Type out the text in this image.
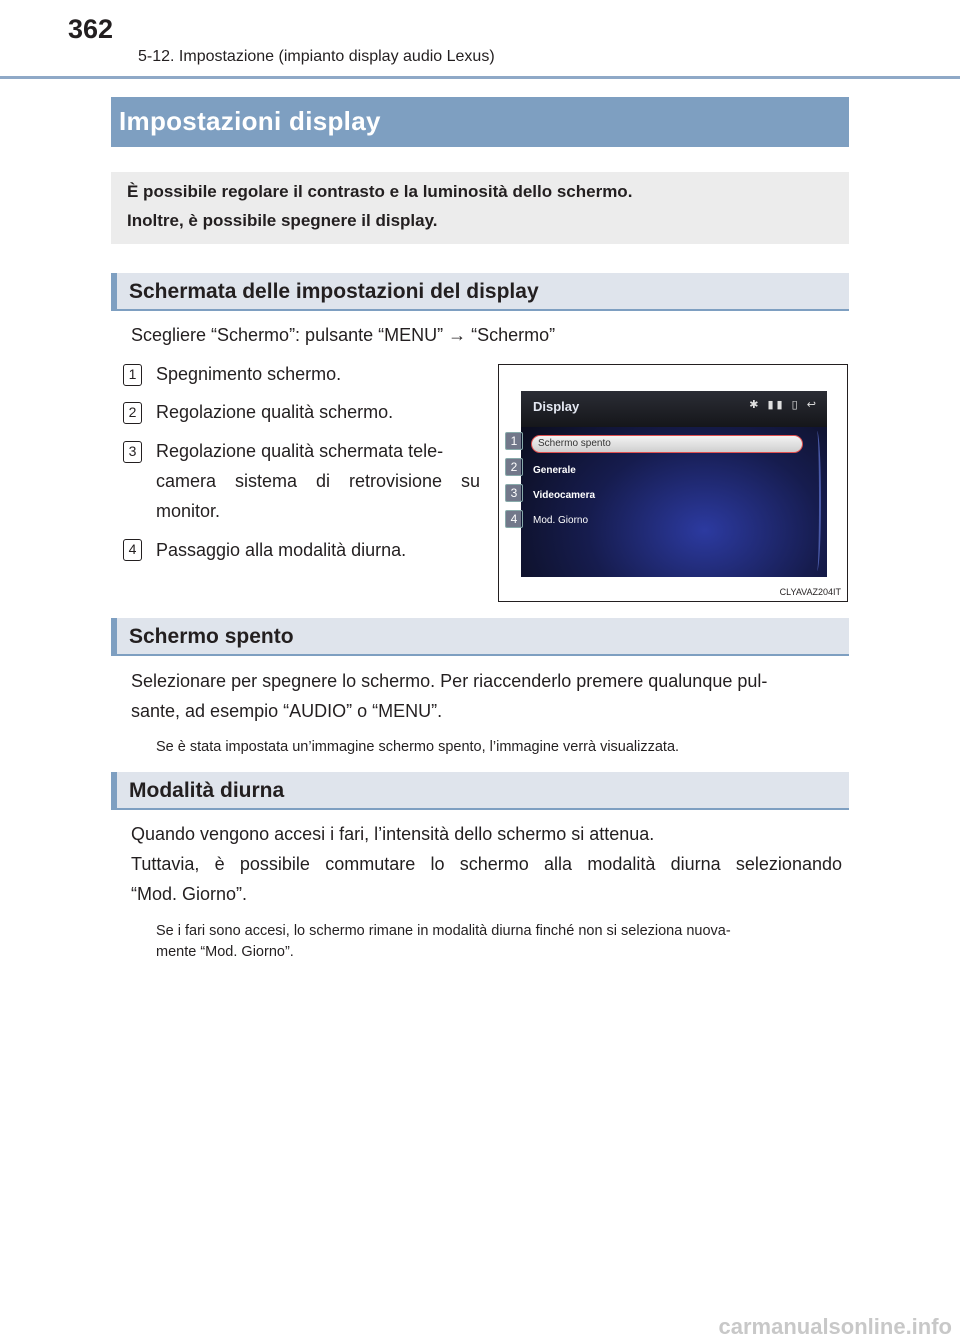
362
5-12. Impostazione (impianto display audio Lexus)
Impostazioni display

È possibile regolare il contrasto e la luminosità dello schermo.

Inoltre, è possibile spegnere il display.

Schermata delle impostazioni del display
Scegliere “Schermo”: pulsante “MENU” → “Schermo”
1	Spegnimento schermo.
2	Regolazione qualità schermo.
3	Regolazione qualità schermata tele-
camera sistema di retrovisione su
monitor.
4	Passaggio alla modalità diurna.
Display	✱ ▮▮ ▯ ↩
Schermo spento
Generale
Videocamera
Mod. Giorno
1
2
3
4
CLYAVAZ204IT
Schermo spento
Selezionare per spegnere lo schermo. Per riaccenderlo premere qualunque pul-
sante, ad esempio “AUDIO” o “MENU”.
Se è stata impostata un’immagine schermo spento, l’immagine verrà visualizzata.
Modalità diurna
Quando vengono accesi i fari, l’intensità dello schermo si attenua.
Tuttavia, è possibile commutare lo schermo alla modalità diurna selezionando
“Mod. Giorno”.
Se i fari sono accesi, lo schermo rimane in modalità diurna finché non si seleziona nuova-
mente “Mod. Giorno”.
carmanualsonline.info
